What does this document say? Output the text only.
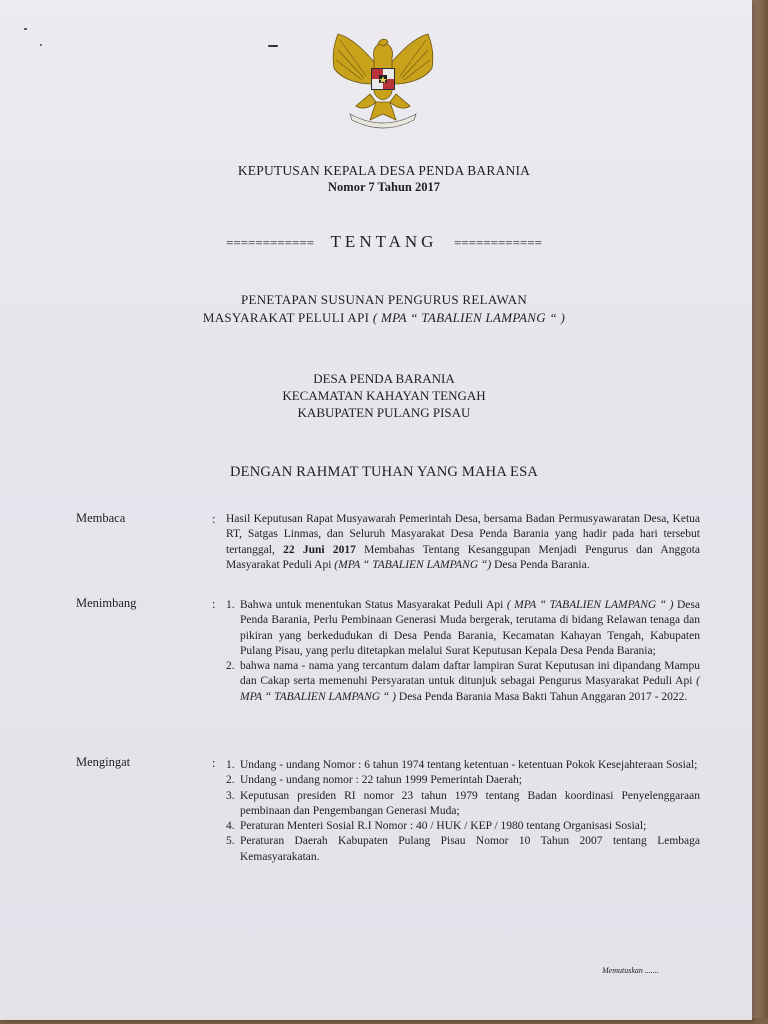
KEPUTUSAN KEPALA DESA PENDA BARANIA
Nomor 7 Tahun 2017
============ TENTANG ============
PENETAPAN SUSUNAN PENGURUS RELAWAN
MASYARAKAT PELULI API ( MPA “ TABALIEN LAMPANG “ )
DESA PENDA BARANIA
KECAMATAN KAHAYAN TENGAH
KABUPATEN PULANG PISAU
DENGAN RAHMAT TUHAN YANG MAHA ESA
Membaca	: Hasil Keputusan Rapat Musyawarah Pemerintah Desa, bersama Badan Permusyawaratan Desa, Ketua RT, Satgas Linmas, dan Seluruh Masyarakat Desa Penda Barania yang hadir pada hari tersebut tertanggal, 22 Juni 2017 Membahas Tentang Kesanggupan Menjadi Pengurus dan Anggota Masyarakat Peduli Api (MPA “ TABALIEN LAMPANG “) Desa Penda Barania.
Menimbang	: 1. Bahwa untuk menentukan Status Masyarakat Peduli Api ( MPA “ TABALIEN LAMPANG “ ) Desa Penda Barania, Perlu Pembinaan Generasi Muda bergerak, terutama di bidang Relawan tenaga dan pikiran yang berkedudukan di Desa Penda Barania, Kecamatan Kahayan Tengah, Kabupaten Pulang Pisau, yang perlu ditetapkan melalui Surat Keputusan Kepala Desa Penda Barania;
2. bahwa nama - nama yang tercantum dalam daftar lampiran Surat Keputusan ini dipandang Mampu dan Cakap serta memenuhi Persyaratan untuk ditunjuk sebagai Pengurus Masyarakat Peduli Api ( MPA “ TABALIEN LAMPANG “ ) Desa Penda Barania Masa Bakti Tahun Anggaran 2017 - 2022.
Mengingat	: 1. Undang - undang Nomor : 6 tahun 1974 tentang ketentuan - ketentuan Pokok Kesejahteraan Sosial;
2. Undang - undang nomor : 22 tahun 1999 Pemerintah Daerah;
3. Keputusan presiden RI nomor 23 tahun 1979 tentang Badan koordinasi Penyelenggaraan pembinaan dan Pengembangan Generasi Muda;
4. Peraturan Menteri Sosial R.I Nomor : 40 / HUK / KEP / 1980 tentang Organisasi Sosial;
5. Peraturan Daerah Kabupaten Pulang Pisau Nomor 10 Tahun 2007 tentang Lembaga Kemasyarakatan.
Memutuskan .......
